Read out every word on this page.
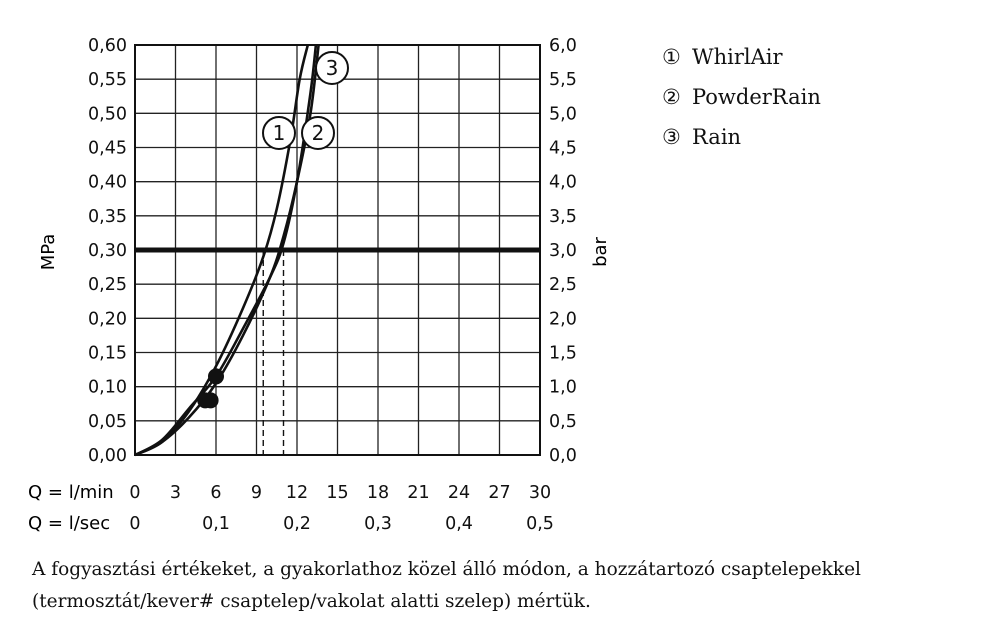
1 2
3
0,00
0,05
0,10
0,15
0,20
0,25
0,30
0,35
0,40
0,45
0,50
0,55
0,60
0,0
0,5
1,0
1,5
2,0
2,5
3,0
3,5
4,0
4,5
5,0
5,5
6,0
0 3 6 9 12 15 18 21 24 27 30
0	0,1	0,2	0,3	0,4	0,5
MPa	bar
Q = l/min
Q = l/sec
① WhirlAir
② PowderRain
③ Rain
A fogyasztási értékeket, a gyakorlathoz közel álló módon, a hozzátartozó csaptelepekkel
(termosztát/kever# csaptelep/vakolat alatti szelep) mértük.
